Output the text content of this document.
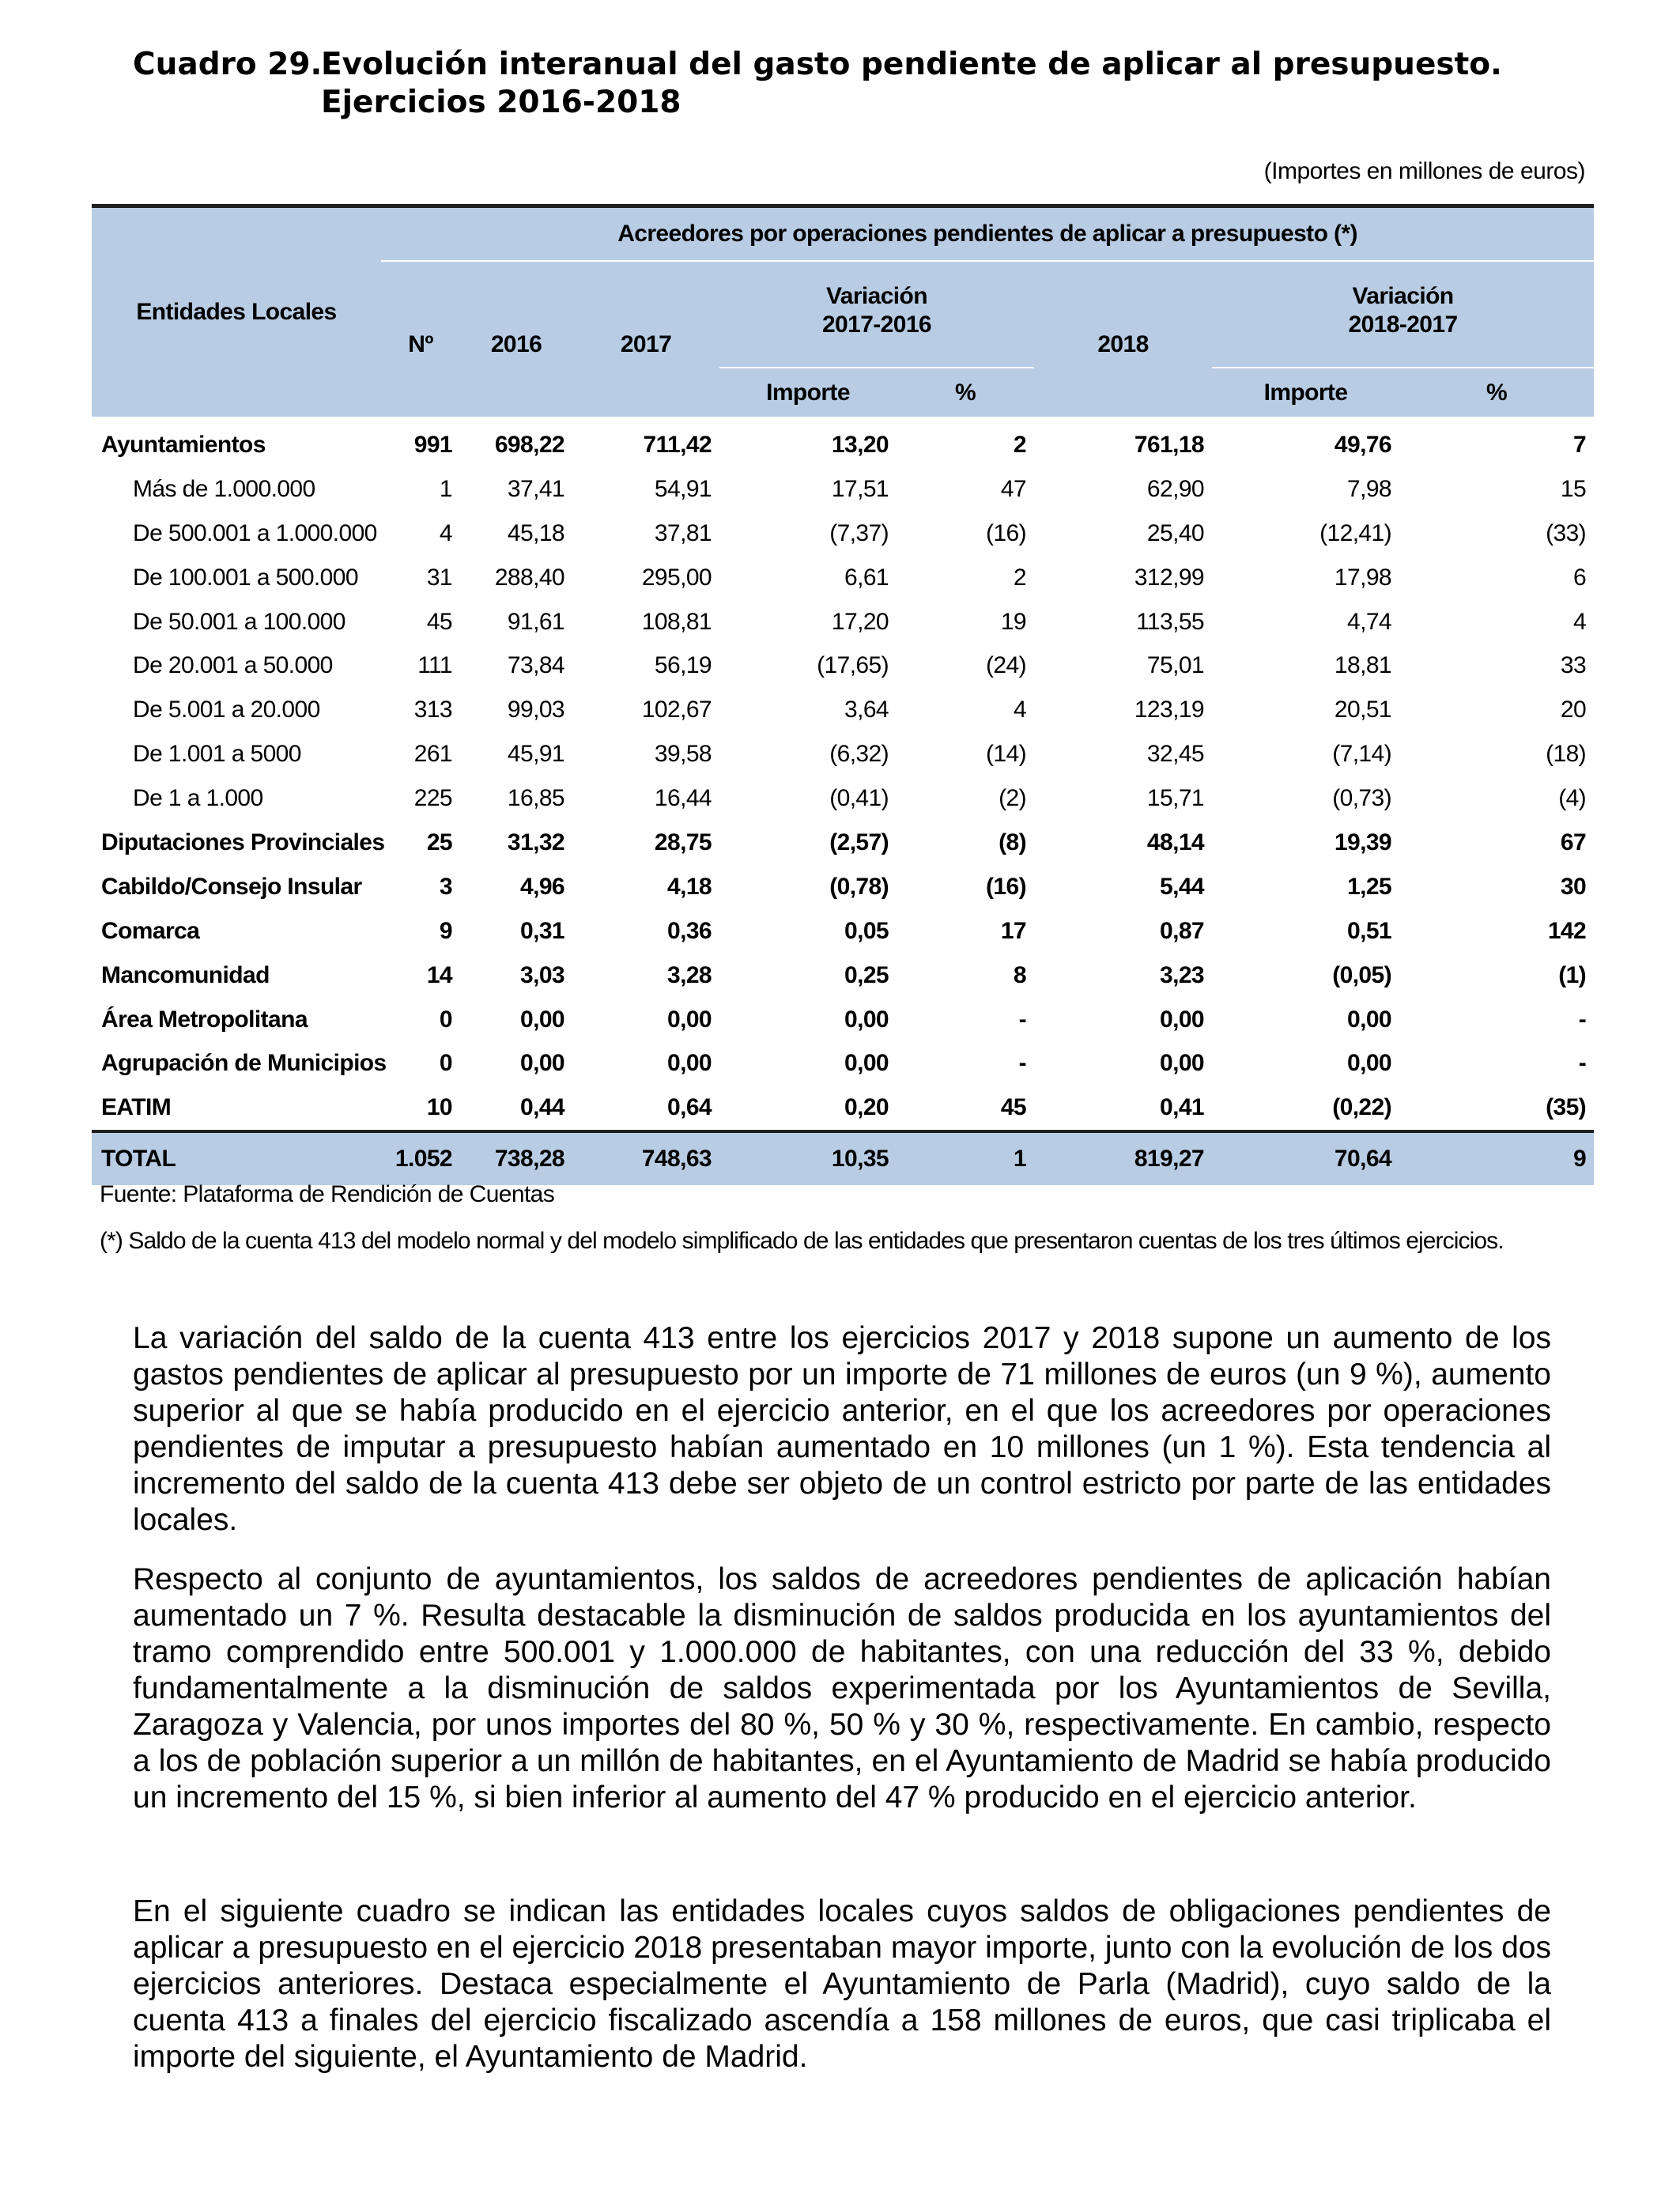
Cuadro 29.
Evolución interanual del gasto pendiente de aplicar al presupuesto. Ejercicios 2016-2018
(Importes en millones de euros)
Entidades Locales	Acreedores por operaciones pendientes de aplicar a presupuesto (*)							
	Nº	2016	2017	Variación 2017-2016		2018	Variación 2018-2017	

				Importe	%		Importe	%
Ayuntamientos	991	698,22	711,42	13,20	2	761,18	49,76	7
Más de 1.000.000	1	37,41	54,91	17,51	47	62,90	7,98	15
De 500.001 a 1.000.000	4	45,18	37,81	(7,37)	(16)	25,40	(12,41)	(33)
De 100.001 a 500.000	31	288,40	295,00	6,61	2	312,99	17,98	6
De 50.001 a 100.000	45	91,61	108,81	17,20	19	113,55	4,74	4
De 20.001 a 50.000	111	73,84	56,19	(17,65)	(24)	75,01	18,81	33
De 5.001 a 20.000	313	99,03	102,67	3,64	4	123,19	20,51	20
De 1.001 a 5000	261	45,91	39,58	(6,32)	(14)	32,45	(7,14)	(18)
De 1 a 1.000	225	16,85	16,44	(0,41)	(2)	15,71	(0,73)	(4)
Diputaciones Provinciales	25	31,32	28,75	(2,57)	(8)	48,14	19,39	67
Cabildo/Consejo Insular	3	4,96	4,18	(0,78)	(16)	5,44	1,25	30
Comarca	9	0,31	0,36	0,05	17	0,87	0,51	142
Mancomunidad	14	3,03	3,28	0,25	8	3,23	(0,05)	(1)
Área Metropolitana	0	0,00	0,00	0,00	-	0,00	0,00	-
Agrupación de Municipios	0	0,00	0,00	0,00	-	0,00	0,00	-
EATIM	10	0,44	0,64	0,20	45	0,41	(0,22)	(35)
TOTAL	1.052	738,28	748,63	10,35	1	819,27	70,64	9
Fuente: Plataforma de Rendición de Cuentas
(*) Saldo de la cuenta 413 del modelo normal y del modelo simplificado de las entidades que presentaron cuentas de los tres últimos ejercicios.

La variación del saldo de la cuenta 413 entre los ejercicios 2017 y 2018 supone un aumento de los gastos pendientes de aplicar al presupuesto por un importe de 71 millones de euros (un 9 %), aumento superior al que se había producido en el ejercicio anterior, en el que los acreedores por operaciones pendientes de imputar a presupuesto habían aumentado en 10 millones (un 1 %). Esta tendencia al incremento del saldo de la cuenta 413 debe ser objeto de un control estricto por parte de las entidades locales.

Respecto al conjunto de ayuntamientos, los saldos de acreedores pendientes de aplicación habían aumentado un 7 %. Resulta destacable la disminución de saldos producida en los ayuntamientos del tramo comprendido entre 500.001 y 1.000.000 de habitantes, con una reducción del 33 %, debido fundamentalmente a la disminución de saldos experimentada por los Ayuntamientos de Sevilla, Zaragoza y Valencia, por unos importes del 80 %, 50 % y 30 %, respectivamente. En cambio, respecto a los de población superior a un millón de habitantes, en el Ayuntamiento de Madrid se había producido un incremento del 15 %, si bien inferior al aumento del 47 % producido en el ejercicio anterior.

En el siguiente cuadro se indican las entidades locales cuyos saldos de obligaciones pendientes de aplicar a presupuesto en el ejercicio 2018 presentaban mayor importe, junto con la evolución de los dos ejercicios anteriores. Destaca especialmente el Ayuntamiento de Parla (Madrid), cuyo saldo de la cuenta 413 a finales del ejercicio fiscalizado ascendía a 158 millones de euros, que casi triplicaba el importe del siguiente, el Ayuntamiento de Madrid.
